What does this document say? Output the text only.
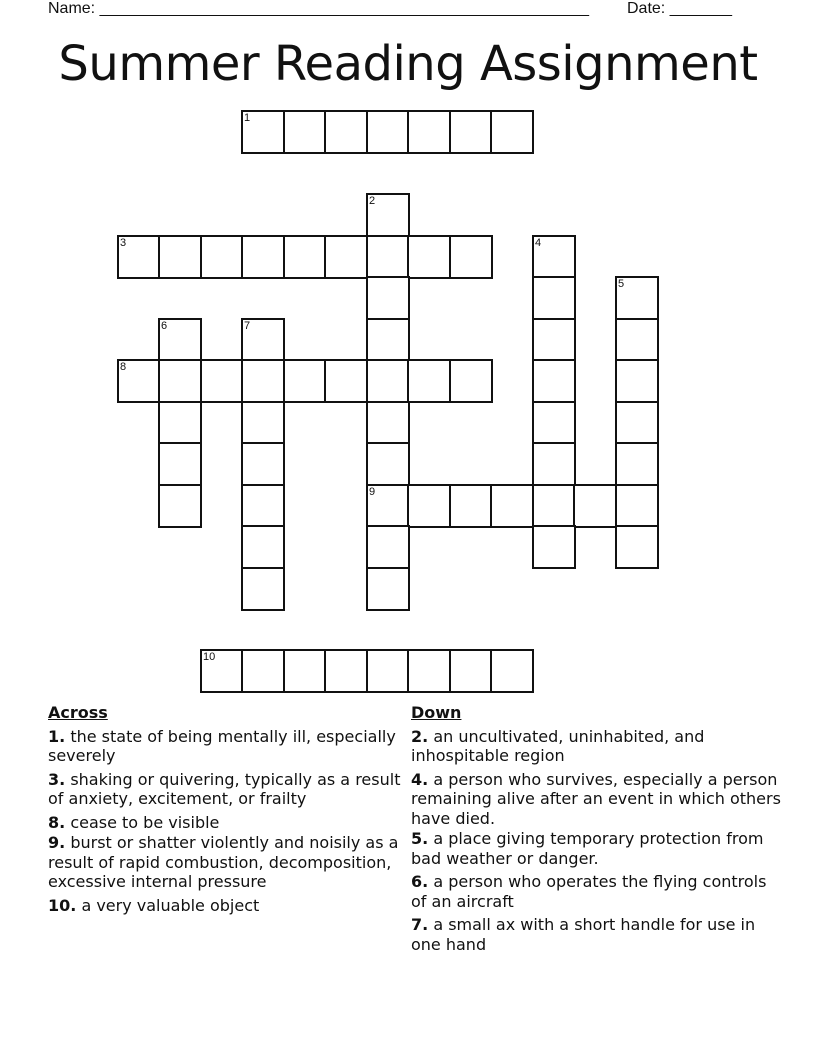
Name: _______________________________________________________ Date: _______
Summer Reading Assignment
1
2
3	4
5
6	7
8
9
10
Across
1. the state of being mentally ill, especially severely
3. shaking or quivering, typically as a result of anxiety, excitement, or frailty
8. cease to be visible
9. burst or shatter violently and noisily as a result of rapid combustion, decomposition, excessive internal pressure
10. a very valuable object
Down
2. an uncultivated, uninhabited, and inhospitable region
4. a person who survives, especially a person remaining alive after an event in which others have died.
5. a place giving temporary protection from bad weather or danger.
6. a person who operates the flying controls of an aircraft
7. a small ax with a short handle for use in one hand
